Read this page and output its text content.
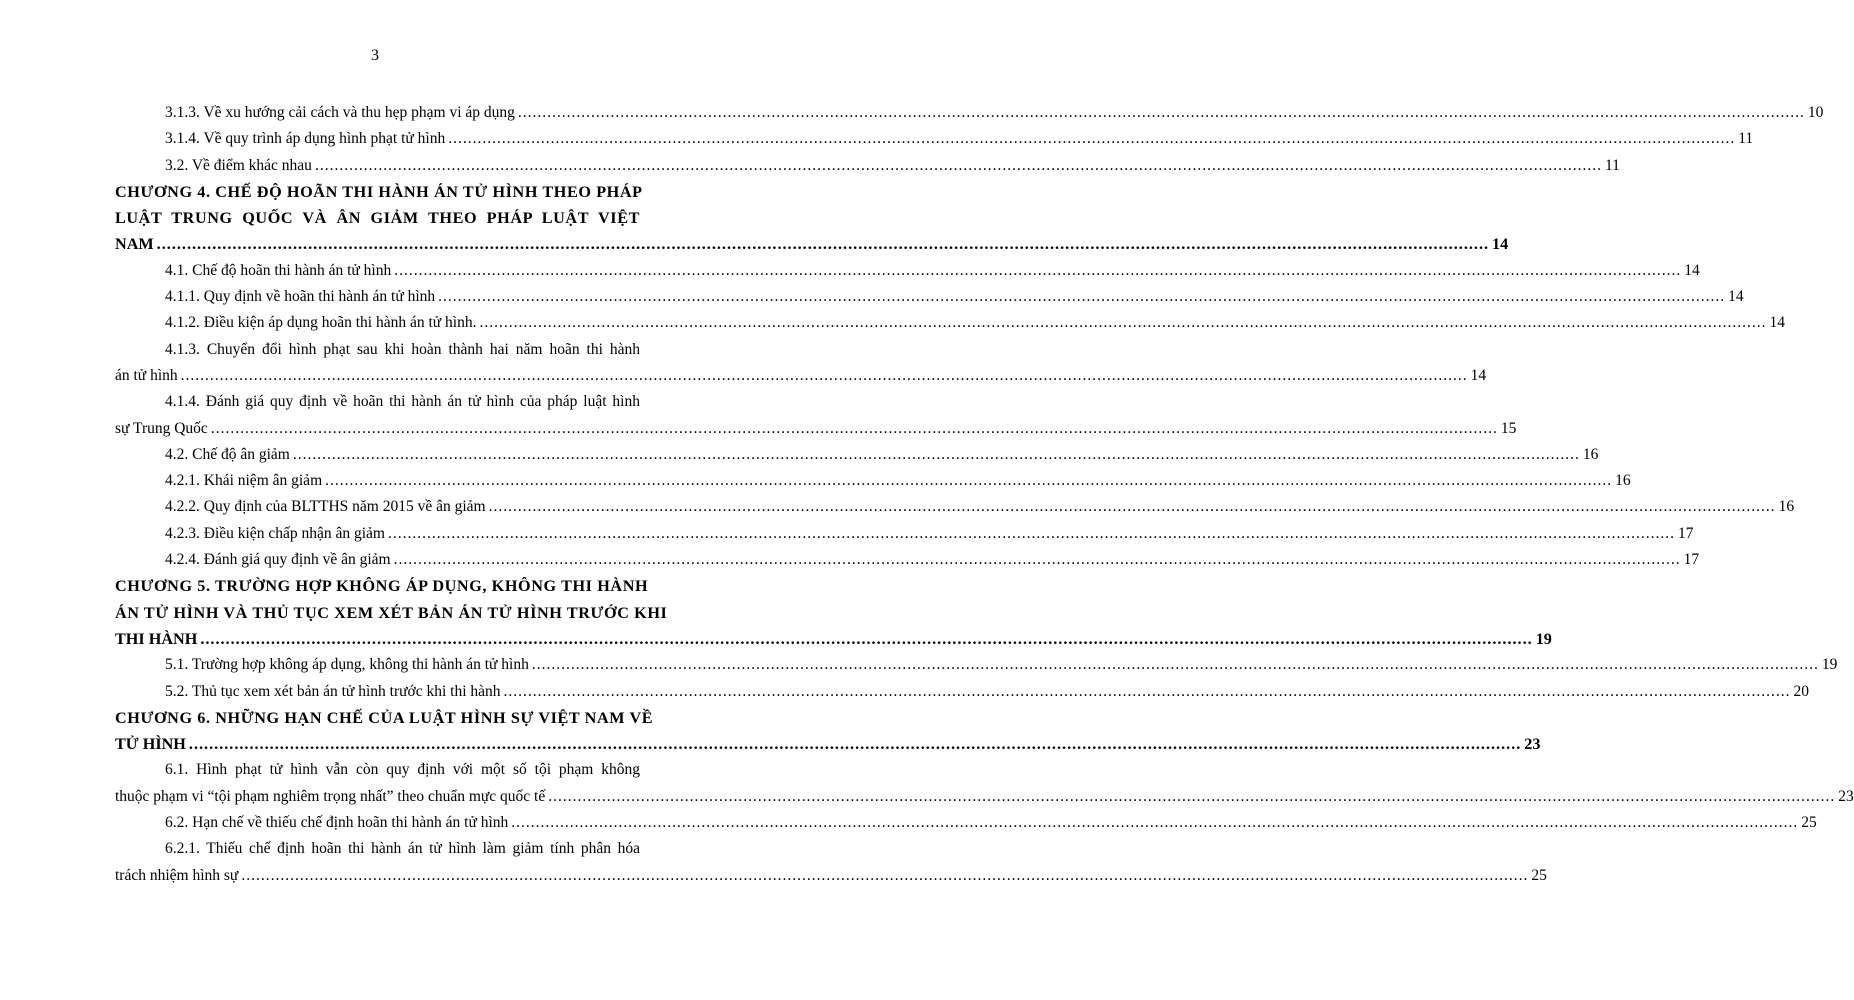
3
3.1.3. Về xu hướng cải cách và thu hẹp phạm vi áp dụng .....	10
3.1.4. Về quy trình áp dụng hình phạt tử hình .....	11
3.2. Về điểm khác nhau .....	11
CHƯƠNG 4. CHẾ ĐỘ HOÃN THI HÀNH ÁN TỬ HÌNH THEO PHÁP
LUẬT TRUNG QUỐC VÀ ÂN GIẢM THEO PHÁP LUẬT VIỆT
NAM .....	14
4.1. Chế độ hoãn thi hành án tử hình .....	14
4.1.1. Quy định về hoãn thi hành án tử hình .....	14
4.1.2. Điều kiện áp dụng hoãn thi hành án tử hình. .....	14
4.1.3. Chuyển đổi hình phạt sau khi hoàn thành hai năm hoãn thi hành
án tử hình .....	14
4.1.4. Đánh giá quy định về hoãn thi hành án tử hình của pháp luật hình
sự Trung Quốc .....	15
4.2. Chế độ ân giảm .....	16
4.2.1. Khái niệm ân giảm .....	16
4.2.2. Quy định của BLTTHS năm 2015 về ân giảm .....	16
4.2.3. Điều kiện chấp nhận ân giảm .....	17
4.2.4. Đánh giá quy định về ân giảm .....	17
CHƯƠNG 5. TRƯỜNG HỢP KHÔNG ÁP DỤNG, KHÔNG THI HÀNH
ÁN TỬ HÌNH VÀ THỦ TỤC XEM XÉT BẢN ÁN TỬ HÌNH TRƯỚC KHI
THI HÀNH .....	19
5.1. Trường hợp không áp dụng, không thi hành án tử hình .....	19
5.2. Thủ tục xem xét bản án tử hình trước khi thi hành .....	20
CHƯƠNG 6. NHỮNG HẠN CHẾ CỦA LUẬT HÌNH SỰ VIỆT NAM VỀ
TỬ HÌNH .....	23
6.1. Hình phạt tử hình vẫn còn quy định với một số tội phạm không
thuộc phạm vi “tội phạm nghiêm trọng nhất” theo chuẩn mực quốc tế .....	23
6.2. Hạn chế về thiếu chế định hoãn thi hành án tử hình .....	25
6.2.1. Thiếu chế định hoãn thi hành án tử hình làm giảm tính phân hóa
trách nhiệm hình sự .....	25
